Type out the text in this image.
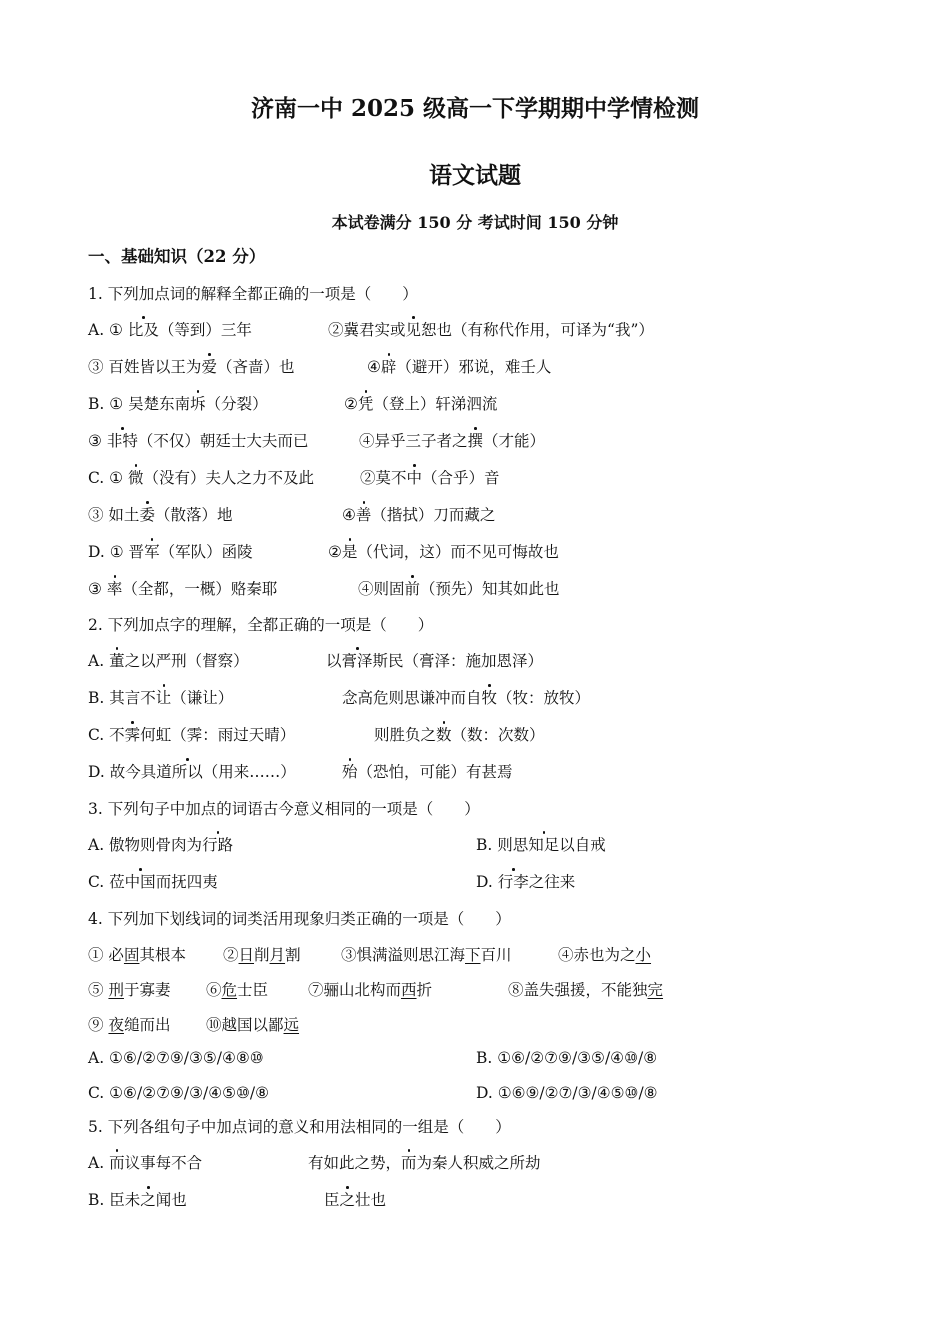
济南一中 2025 级高一下学期期中学情检测
语文试题
本试卷满分 150 分 考试时间 150 分钟
一、基础知识（22 分）
1. 下列加点词的解释全都正确的一项是（　　）
A. ① 比及（等到）三年	②冀君实或见恕也（有称代作用，可译为“我”）
③ 百姓皆以王为爱（吝啬）也	④辟（避开）邪说，难壬人
B. ① 吴楚东南坼（分裂）	②凭（登上）轩涕泗流
③ 非特（不仅）朝廷士大夫而已	④异乎三子者之撰（才能）
C. ① 微（没有）夫人之力不及此	②莫不中（合乎）音
③ 如土委（散落）地	④善（揩拭）刀而藏之
D. ① 晋军（军队）函陵	②是（代词，这）而不见可悔故也
③ 率（全都，一概）赂秦耶	④则固前（预先）知其如此也
2. 下列加点字的理解，全都正确的一项是（　　）
A. 董之以严刑（督察）	以膏泽斯民（膏泽：施加恩泽）
B. 其言不让（谦让）	念高危则思谦冲而自牧（牧：放牧）
C. 不霁何虹（霁：雨过天晴）	则胜负之数（数：次数）
D. 故今具道所以（用来……）	殆（恐怕，可能）有甚焉
3. 下列句子中加点的词语古今意义相同的一项是（　　）
A. 傲物则骨肉为行路	B. 则思知足以自戒
C. 莅中国而抚四夷	D. 行李之往来
4. 下列加下划线词的词类活用现象归类正确的一项是（　　）
① 必固其根本 ②日削月割	③惧满溢则思江海下百川	④赤也为之小
⑤ 刑于寡妻 ⑥危士臣	⑦骊山北构而西折	⑧盖失强援，不能独完
⑨ 夜缒而出 ⑩越国以鄙远
A. ①⑥/②⑦⑨/③⑤/④⑧⑩	B. ①⑥/②⑦⑨/③⑤/④⑩/⑧
C. ①⑥/②⑦⑨/③/④⑤⑩/⑧	D. ①⑥⑨/②⑦/③/④⑤⑩/⑧
5. 下列各组句子中加点词的意义和用法相同的一组是（　　）
A. 而议事每不合	有如此之势，而为秦人积威之所劫
B. 臣未之闻也	臣之壮也
